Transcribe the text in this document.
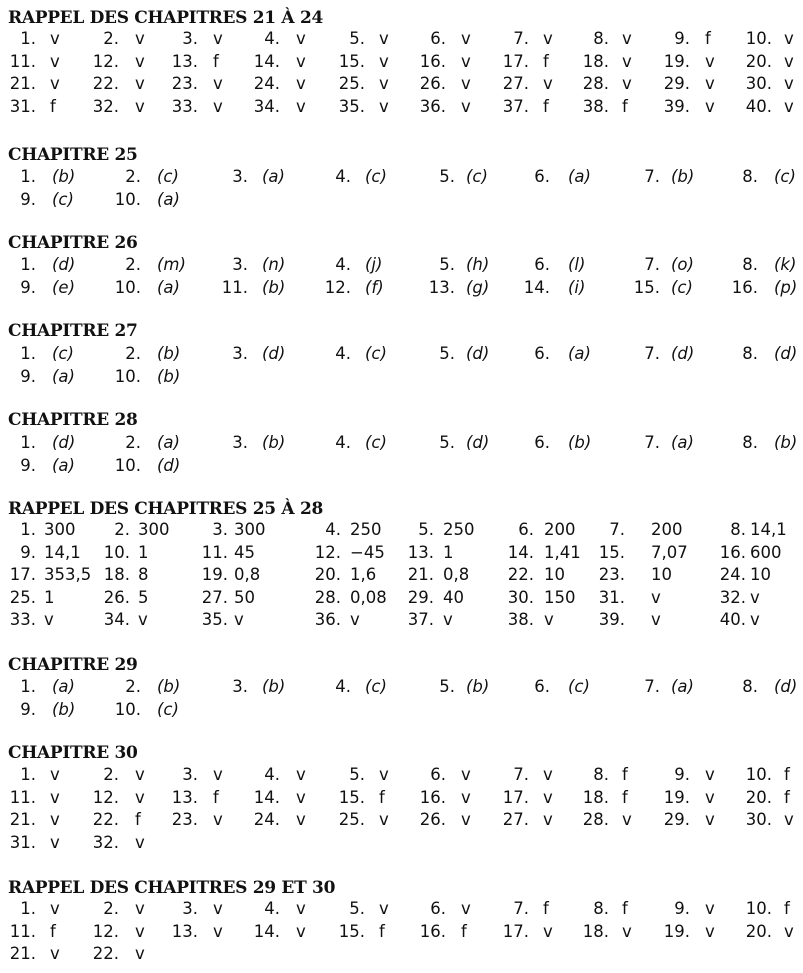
RAPPEL DES CHAPITRES 21 À 24
1. v	2. v	3. v	4. v	5. v	6. v	7. v	8. v	9. f	10. v
11. v	12. v	13. f	14. v	15. v	16. v	17. f	18. v	19. v	20. v
21. v	22. v	23. v	24. v	25. v	26. v	27. v	28. v	29. v	30. v
31. f	32. v	33. v	34. v	35. v	36. v	37. f	38. f	39. v	40. v
CHAPITRE 25
1. (b)	2. (c)	3. (a)	4. (c)	5. (c)	6. (a)	7. (b)	8. (c)
9. (c)	10. (a)
CHAPITRE 26
1. (d)	2. (m)	3. (n)	4. (j)	5. (h)	6. (l)	7. (o)	8. (k)
9. (e)	10. (a)	11. (b)	12. (f)	13. (g)	14. (i)	15. (c)	16. (p)
CHAPITRE 27
1. (c)	2. (b)	3. (d)	4. (c)	5. (d)	6. (a)	7. (d)	8. (d)
9. (a)	10. (b)
CHAPITRE 28
1. (d)	2. (a)	3. (b)	4. (c)	5. (d)	6. (b)	7. (a)	8. (b)
9. (a)	10. (d)
RAPPEL DES CHAPITRES 25 À 28
1. 300	2. 300	3. 300	4. 250	5. 250	6. 200	7. 200	8. 14,1
9. 14,1	10. 1	11. 45	12. −45	13. 1	14. 1,41	15. 7,07	16. 600
17. 353,5 18. 8	19. 0,8	20. 1,6	21. 0,8	22. 10	23. 10	24. 10
25. 1	26. 5	27. 50	28. 0,08	29. 40	30. 150	31. v	32. v
33. v	34. v	35. v	36. v	37. v	38. v	39. v	40. v
CHAPITRE 29
1. (a)	2. (b)	3. (b)	4. (c)	5. (b)	6. (c)	7. (a)	8. (d)
9. (b)	10. (c)
CHAPITRE 30
1. v	2. v	3. v	4. v	5. v	6. v	7. v	8. f	9. v	10. f
11. v	12. v	13. f	14. v	15. f	16. v	17. v	18. f	19. v	20. f
21. v	22. f	23. v	24. v	25. v	26. v	27. v	28. v	29. v	30. v
31. v	32. v
RAPPEL DES CHAPITRES 29 ET 30
1. v	2. v	3. v	4. v	5. v	6. v	7. f	8. f	9. v	10. f
11. f	12. v	13. v	14. v	15. f	16. f	17. v	18. v	19. v	20. v
21. v	22. v
